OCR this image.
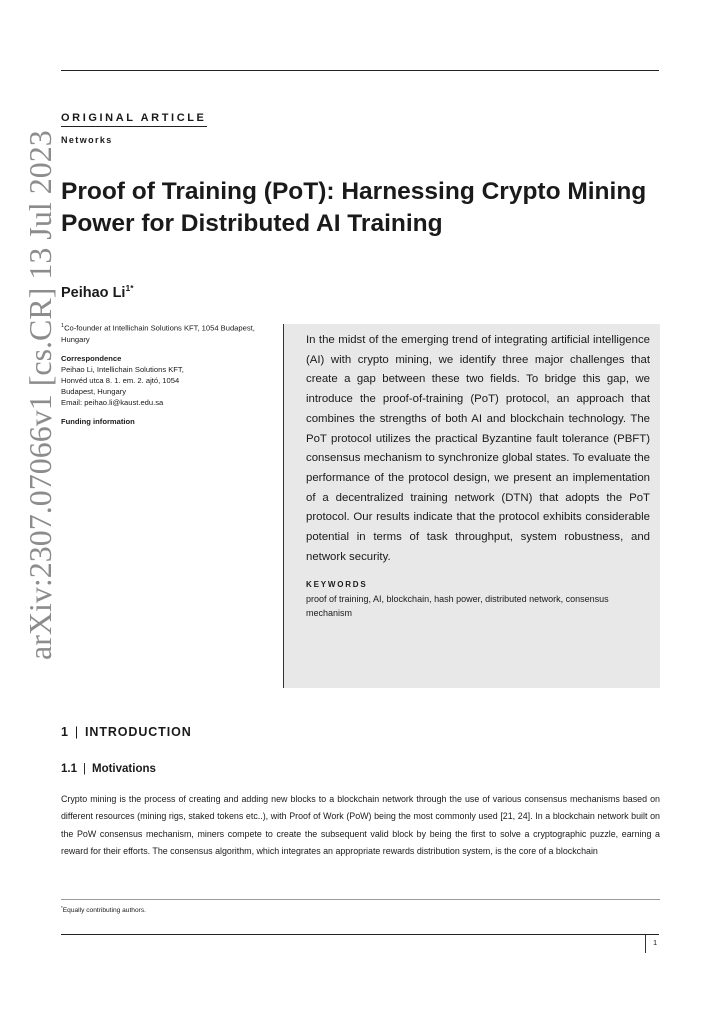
ORIGINAL ARTICLE
Networks
arXiv:2307.07066v1 [cs.CR] 13 Jul 2023 Proof of Training (PoT): Harnessing Crypto Mining Power for Distributed AI Training
Peihao $Li^{1*}$

$^1$Co-founder at Intellichain Solutions KFT, 1054 Budapest, Hungary

Correspondence
Peihao Li, Intellichain Solutions KFT,
Honvéd utca 8. 1. em. 2. ajtó, 1054
Budapest, Hungary
Email: peihao.li@kaust.edu.sa

Funding information

In the midst of the emerging trend of integrating artificial intelligence (AI) with crypto mining, we identify three major challenges that create a gap between these two fields. To bridge this gap, we introduce the proof-of-training (PoT) protocol, an approach that combines the strengths of both AI and blockchain technology. The PoT protocol utilizes the practical Byzantine fault tolerance (PBFT) consensus mechanism to synchronize global states. To evaluate the performance of the protocol design, we present an implementation of a decentralized training network (DTN) that adopts the PoT protocol. Our results indicate that the protocol exhibits considerable potential in terms of task throughput, system robustness, and network security.

KEYWORDS
proof of training, AI, blockchain, hash power, distributed network, consensus mechanism
1 | INTRODUCTION
1.1 | Motivations

Crypto mining is the process of creating and adding new blocks to a blockchain network through the use of various consensus mechanisms based on different resources (mining rigs, staked tokens etc..), with Proof of Work (PoW) being the most commonly used [21, 24]. In a blockchain network built on the PoW consensus mechanism, miners compete to create the subsequent valid block by being the first to solve a cryptographic puzzle, earning a reward for their efforts. The consensus algorithm, which integrates an appropriate rewards distribution system, is the core of a blockchain

*Equally contributing authors.
1
